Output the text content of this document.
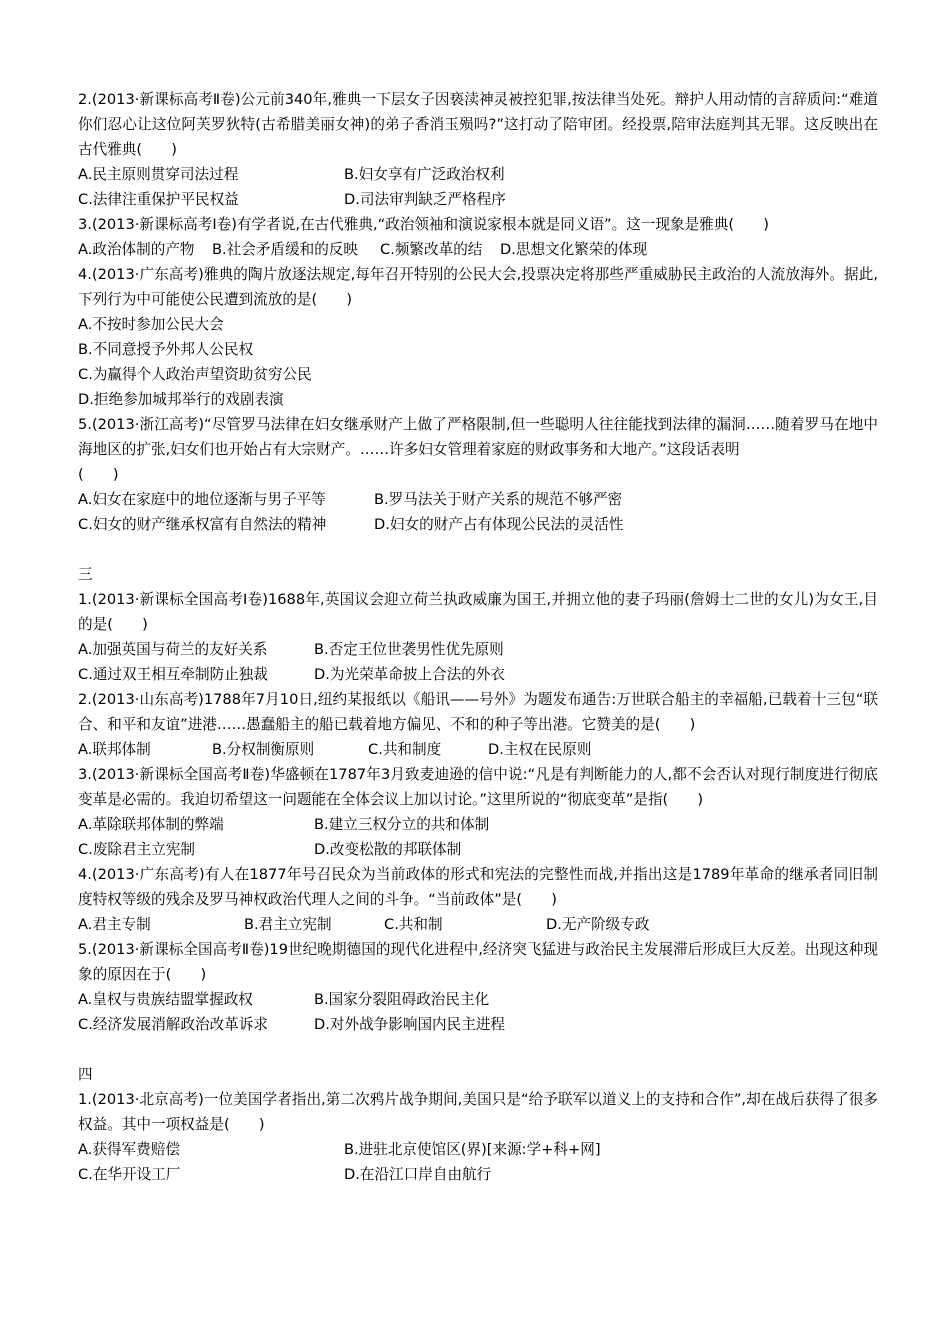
2.(2013·新课标高考Ⅱ卷)公元前340年,雅典一下层女子因亵渎神灵被控犯罪,按法律当处死。辩护人用动情的言辞质问:“难道你们忍心让这位阿芙罗狄特(古希腊美丽女神)的弟子香消玉殒吗?”这打动了陪审团。经投票,陪审法庭判其无罪。这反映出在古代雅典(　　)
A.民主原则贯穿司法过程	B.妇女享有广泛政治权利
C.法律注重保护平民权益	D.司法审判缺乏严格程序
3.(2013·新课标高考Ⅰ卷)有学者说,在古代雅典,“政治领袖和演说家根本就是同义语”。这一现象是雅典(　　)
A.政治体制的产物	B.社会矛盾缓和的反映	C.频繁改革的结	D.思想文化繁荣的体现
4.(2013·广东高考)雅典的陶片放逐法规定,每年召开特别的公民大会,投票决定将那些严重威胁民主政治的人流放海外。据此,下列行为中可能使公民遭到流放的是(　　)
A.不按时参加公民大会
B.不同意授予外邦人公民权
C.为赢得个人政治声望资助贫穷公民
D.拒绝参加城邦举行的戏剧表演
5.(2013·浙江高考)“尽管罗马法律在妇女继承财产上做了严格限制,但一些聪明人往往能找到法律的漏洞……随着罗马在地中海地区的扩张,妇女们也开始占有大宗财产。……许多妇女管理着家庭的财政事务和大地产。”这段话表明
(　　)
A.妇女在家庭中的地位逐渐与男子平等	B.罗马法关于财产关系的规范不够严密
C.妇女的财产继承权富有自然法的精神	D.妇女的财产占有体现公民法的灵活性
三
1.(2013·新课标全国高考Ⅰ卷)1688年,英国议会迎立荷兰执政威廉为国王,并拥立他的妻子玛丽(詹姆士二世的女儿)为女王,目的是(　　)
A.加强英国与荷兰的友好关系	B.否定王位世袭男性优先原则
C.通过双王相互牵制防止独裁	D.为光荣革命披上合法的外衣
2.(2013·山东高考)1788年7月10日,纽约某报纸以《船讯——号外》为题发布通告:万世联合船主的幸福船,已载着十三包“联合、和平和友谊”进港……愚蠢船主的船已载着地方偏见、不和的种子等出港。它赞美的是(　　)
A.联邦体制	B.分权制衡原则	C.共和制度	D.主权在民原则
3.(2013·新课标全国高考Ⅱ卷)华盛顿在1787年3月致麦迪逊的信中说:“凡是有判断能力的人,都不会否认对现行制度进行彻底变革是必需的。我迫切希望这一问题能在全体会议上加以讨论。”这里所说的“彻底变革”是指(　　)
A.革除联邦体制的弊端	B.建立三权分立的共和体制
C.废除君主立宪制	D.改变松散的邦联体制
4.(2013·广东高考)有人在1877年号召民众为当前政体的形式和宪法的完整性而战,并指出这是1789年革命的继承者同旧制度特权等级的残余及罗马神权政治代理人之间的斗争。“当前政体”是(　　)
A.君主专制	B.君主立宪制	C.共和制	D.无产阶级专政
5.(2013·新课标全国高考Ⅱ卷)19世纪晚期德国的现代化进程中,经济突飞猛进与政治民主发展滞后形成巨大反差。出现这种现象的原因在于(　　)
A.皇权与贵族结盟掌握政权	B.国家分裂阻碍政治民主化
C.经济发展消解政治改革诉求	D.对外战争影响国内民主进程
四
1.(2013·北京高考)一位美国学者指出,第二次鸦片战争期间,美国只是“给予联军以道义上的支持和合作”,却在战后获得了很多权益。其中一项权益是(　　)
A.获得军费赔偿	B.进驻北京使馆区(界)[来源:学+科+网]
C.在华开设工厂	D.在沿江口岸自由航行
